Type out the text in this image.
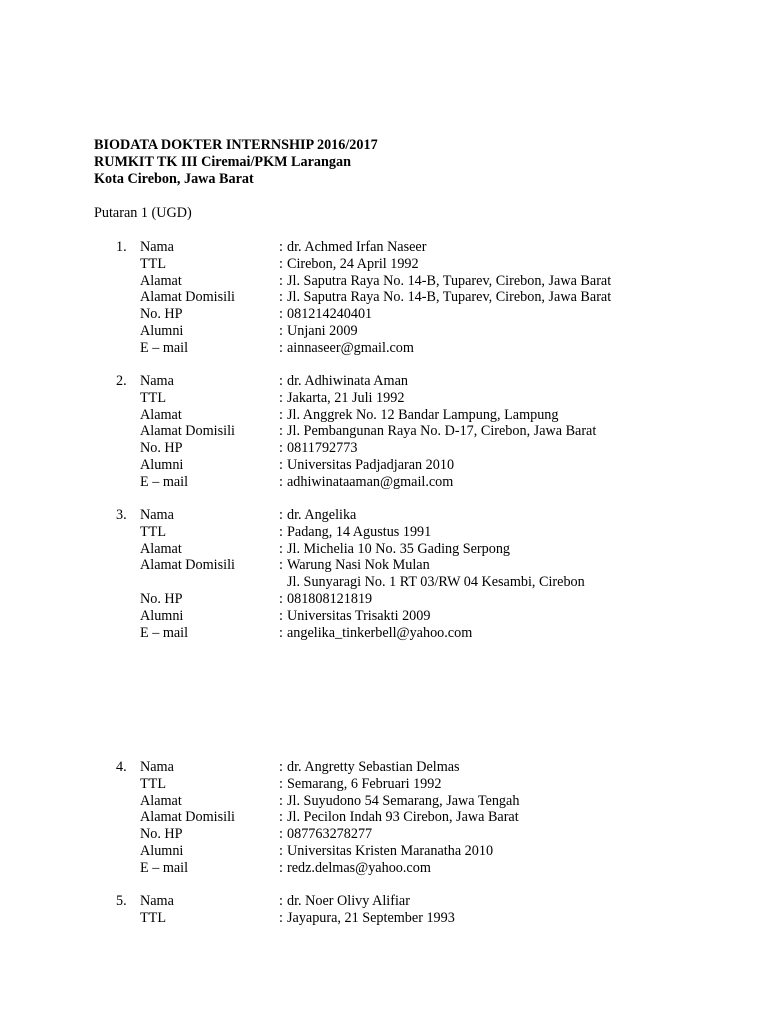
BIODATA DOKTER INTERNSHIP 2016/2017
RUMKIT TK III Ciremai/PKM Larangan
Kota Cirebon, Jawa Barat
Putaran 1 (UGD)
1. Nama	: dr. Achmed Irfan Naseer
TTL	: Cirebon, 24 April 1992
Alamat	: Jl. Saputra Raya No. 14-B, Tuparev, Cirebon, Jawa Barat
Alamat Domisili	: Jl. Saputra Raya No. 14-B, Tuparev, Cirebon, Jawa Barat
No. HP	: 081214240401
Alumni	: Unjani 2009
E – mail	: ainnaseer@gmail.com
2. Nama	: dr. Adhiwinata Aman
TTL	: Jakarta, 21 Juli 1992
Alamat	: Jl. Anggrek No. 12 Bandar Lampung, Lampung
Alamat Domisili	: Jl. Pembangunan Raya No. D-17, Cirebon, Jawa Barat
No. HP	: 0811792773
Alumni	: Universitas Padjadjaran 2010
E – mail	: adhiwinataaman@gmail.com
3. Nama	: dr. Angelika
TTL	: Padang, 14 Agustus 1991
Alamat	: Jl. Michelia 10 No. 35 Gading Serpong
Alamat Domisili	: Warung Nasi Nok Mulan
Jl. Sunyaragi No. 1 RT 03/RW 04 Kesambi, Cirebon
No. HP	: 081808121819
Alumni	: Universitas Trisakti 2009
E – mail	: angelika_tinkerbell@yahoo.com
4. Nama	: dr. Angretty Sebastian Delmas
TTL	: Semarang, 6 Februari 1992
Alamat	: Jl. Suyudono 54 Semarang, Jawa Tengah
Alamat Domisili	: Jl. Pecilon Indah 93 Cirebon, Jawa Barat
No. HP	: 087763278277
Alumni	: Universitas Kristen Maranatha 2010
E – mail	: redz.delmas@yahoo.com
5. Nama	: dr. Noer Olivy Alifiar
TTL	: Jayapura, 21 September 1993
